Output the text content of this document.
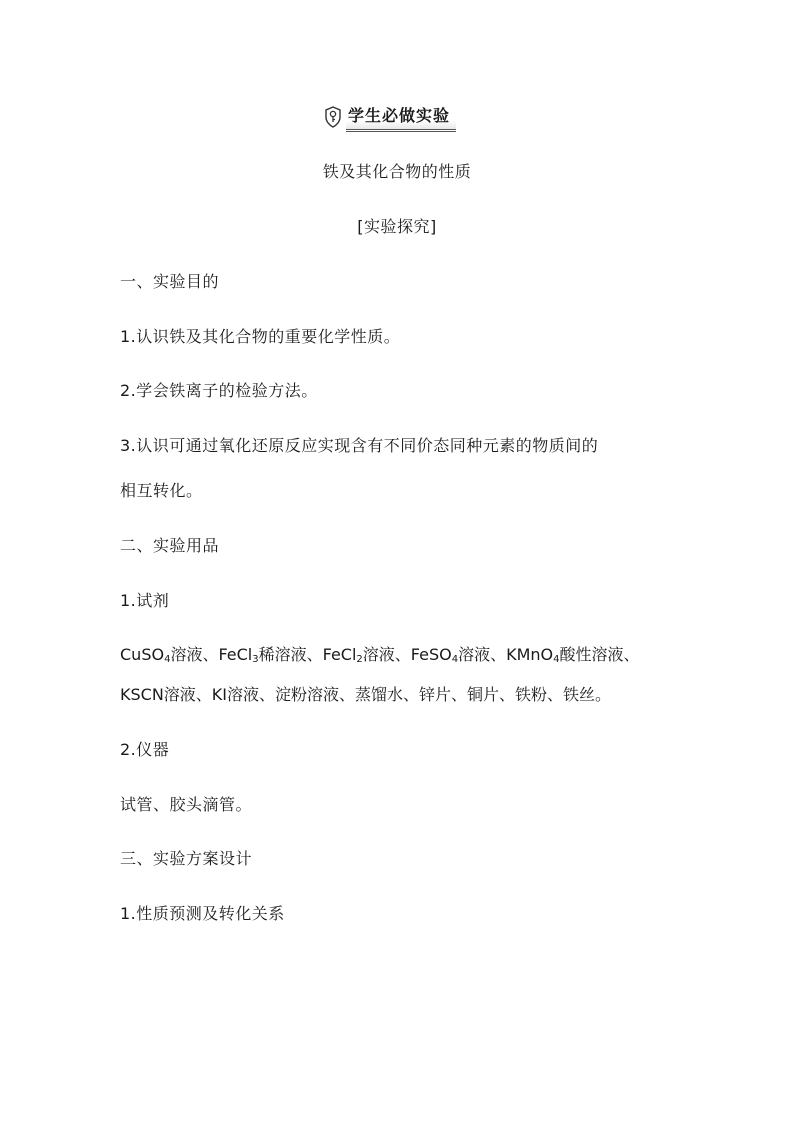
学生必做实验
铁及其化合物的性质
[实验探究]
一、实验目的
1.认识铁及其化合物的重要化学性质。
2.学会铁离子的检验方法。
3.认识可通过氧化还原反应实现含有不同价态同种元素的物质间的
相互转化。
二、实验用品
1.试剂
CuSO$_4$溶液、FeCl$_3$稀溶液、FeCl$_2$溶液、FeSO$_4$溶液、KMnO$_4$酸性溶液、
KSCN溶液、KI溶液、淀粉溶液、蒸馏水、锌片、铜片、铁粉、铁丝。
2.仪器
试管、胶头滴管。
三、实验方案设计
1.性质预测及转化关系
